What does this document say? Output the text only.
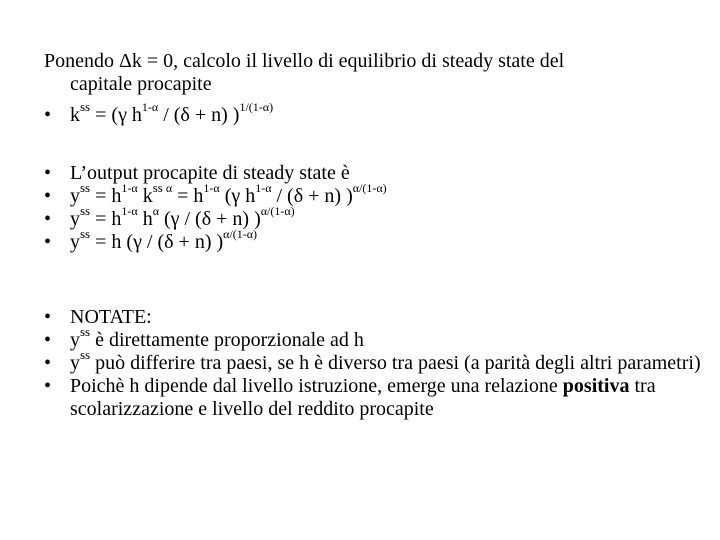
Ponendo Δk = 0, calcolo il livello di equilibrio di steady state del
capitale procapite
• $k^{ss} = (\gamma$ $h^{1-\alpha} / (\delta + n)$ )$^{1/(1-\alpha)}$
• L’output procapite di steady state è
• $y^{ss} = h^{1-\alpha}$ $k^{ss}$ $^\alpha = h^{1-\alpha}$ (γ $h^{1-\alpha} / (\delta + n)$ )$^{\alpha/(1-\alpha)}$
• $y^{ss} = h^{1-\alpha}$ $h^\alpha$ (γ / (δ + n) )$^{\alpha/(1-\alpha)}$
• $y^{ss} = h$ (γ / (δ + n) )$^{\alpha/(1-\alpha)}$
• NOTATE:
• $y^{ss}$ è direttamente proporzionale ad h
• $y^{ss}$ può differire tra paesi, se h è diverso tra paesi (a parità degli altri parametri)
• Poichè h dipende dal livello istruzione, emerge una relazione positiva tra scolarizzazione e livello del reddito procapite
